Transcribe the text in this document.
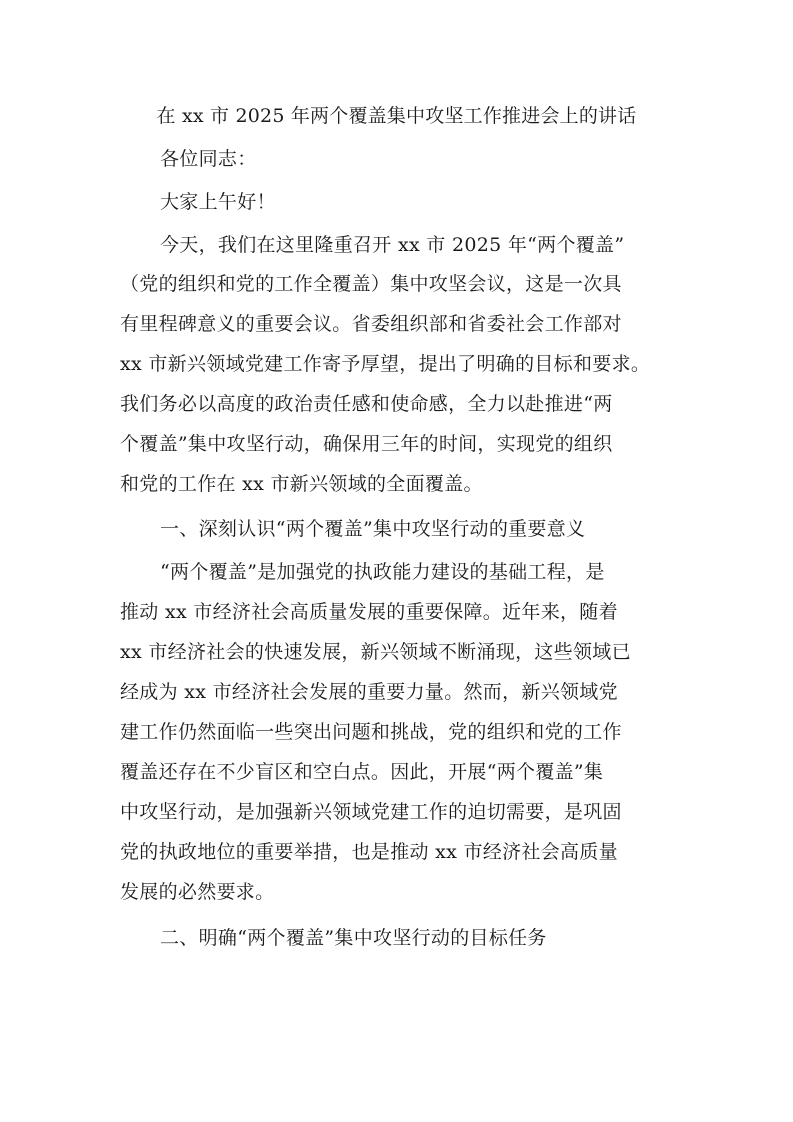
在 xx 市 2025 年两个覆盖集中攻坚工作推进会上的讲话
各位同志：
大家上午好！
今天，我们在这里隆重召开 xx 市 2025 年“两个覆盖”
（党的组织和党的工作全覆盖）集中攻坚会议，这是一次具
有里程碑意义的重要会议。省委组织部和省委社会工作部对
xx 市新兴领域党建工作寄予厚望，提出了明确的目标和要求。
我们务必以高度的政治责任感和使命感，全力以赴推进“两
个覆盖”集中攻坚行动，确保用三年的时间，实现党的组织
和党的工作在 xx 市新兴领域的全面覆盖。
一、深刻认识“两个覆盖”集中攻坚行动的重要意义
“两个覆盖”是加强党的执政能力建设的基础工程，是
推动 xx 市经济社会高质量发展的重要保障。近年来，随着
xx 市经济社会的快速发展，新兴领域不断涌现，这些领域已
经成为 xx 市经济社会发展的重要力量。然而，新兴领域党
建工作仍然面临一些突出问题和挑战，党的组织和党的工作
覆盖还存在不少盲区和空白点。因此，开展“两个覆盖”集
中攻坚行动，是加强新兴领域党建工作的迫切需要，是巩固
党的执政地位的重要举措，也是推动 xx 市经济社会高质量
发展的必然要求。
二、明确“两个覆盖”集中攻坚行动的目标任务
